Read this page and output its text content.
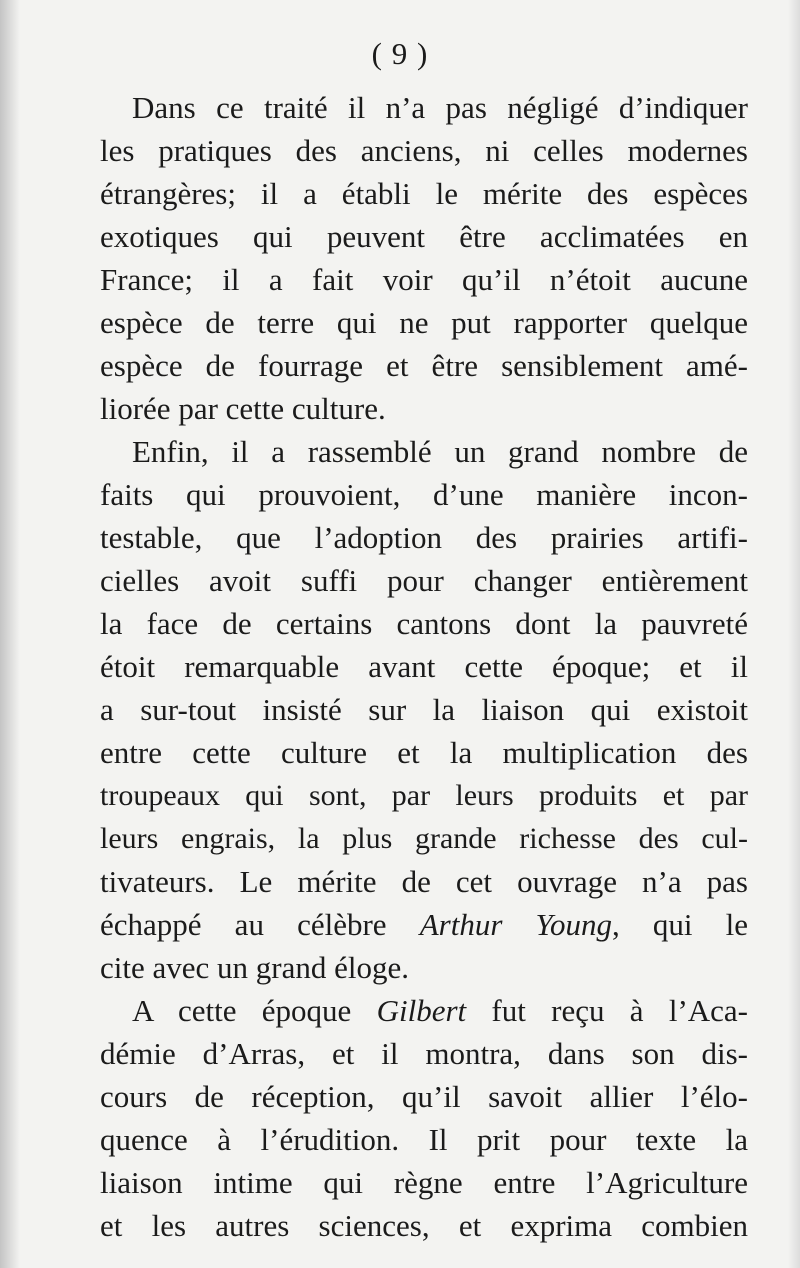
( 9 )
Dans ce traité il n’a pas négligé d’indiquer
les pratiques des anciens, ni celles modernes
étrangères; il a établi le mérite des espèces
exotiques qui peuvent être acclimatées en
France; il a fait voir qu’il n’étoit aucune
espèce de terre qui ne put rapporter quelque
espèce de fourrage et être sensiblement amé-
liorée par cette culture.
Enfin, il a rassemblé un grand nombre de
faits qui prouvoient, d’une manière incon-
testable, que l’adoption des prairies artifi-
cielles avoit suffi pour changer entièrement
la face de certains cantons dont la pauvreté
étoit remarquable avant cette époque; et il
a sur-tout insisté sur la liaison qui existoit
entre cette culture et la multiplication des
troupeaux qui sont, par leurs produits et par
leurs engrais, la plus grande richesse des cul-
tivateurs. Le mérite de cet ouvrage n’a pas
échappé au célèbre Arthur Young, qui le
cite avec un grand éloge.
A cette époque Gilbert fut reçu à l’Aca-
démie d’Arras, et il montra, dans son dis-
cours de réception, qu’il savoit allier l’élo-
quence à l’érudition. Il prit pour texte la
liaison intime qui règne entre l’Agriculture
et les autres sciences, et exprima combien
